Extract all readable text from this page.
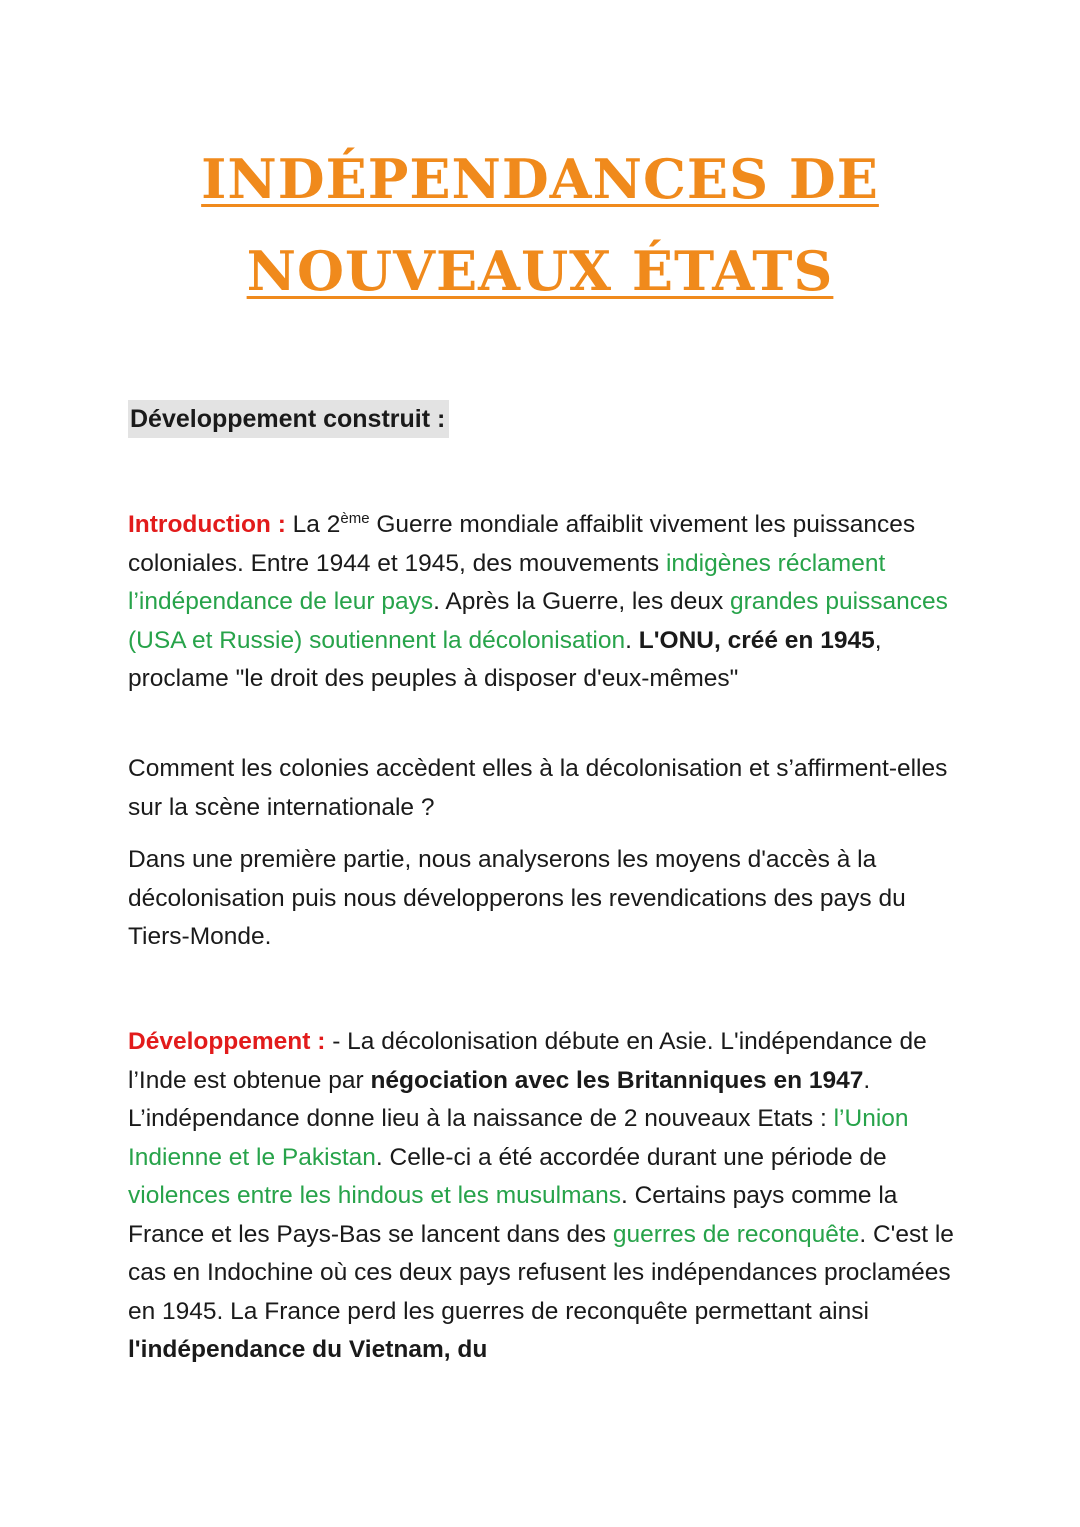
INDÉPENDANCES DE
NOUVEAUX ÉTATS
Développement construit :

Introduction : La 2ème Guerre mondiale affaiblit vivement les puissances coloniales. Entre 1944 et 1945, des mouvements indigènes réclament l’indépendance de leur pays. Après la Guerre, les deux grandes puissances (USA et Russie) soutiennent la décolonisation. L'ONU, créé en 1945, proclame "le droit des peuples à disposer d'eux-mêmes"

Comment les colonies accèdent elles à la décolonisation et s’affirment-elles sur la scène internationale ?

Dans une première partie, nous analyserons les moyens d'accès à la décolonisation puis nous développerons les revendications des pays du Tiers-Monde.

Développement : - La décolonisation débute en Asie. L'indépendance de l’Inde est obtenue par négociation avec les Britanniques en 1947. L’indépendance donne lieu à la naissance de 2 nouveaux Etats : l’Union Indienne et le Pakistan. Celle-ci a été accordée durant une période de violences entre les hindous et les musulmans. Certains pays comme la France et les Pays-Bas se lancent dans des guerres de reconquête. C'est le cas en Indochine où ces deux pays refusent les indépendances proclamées en 1945. La France perd les guerres de reconquête permettant ainsi l'indépendance du Vietnam, du
